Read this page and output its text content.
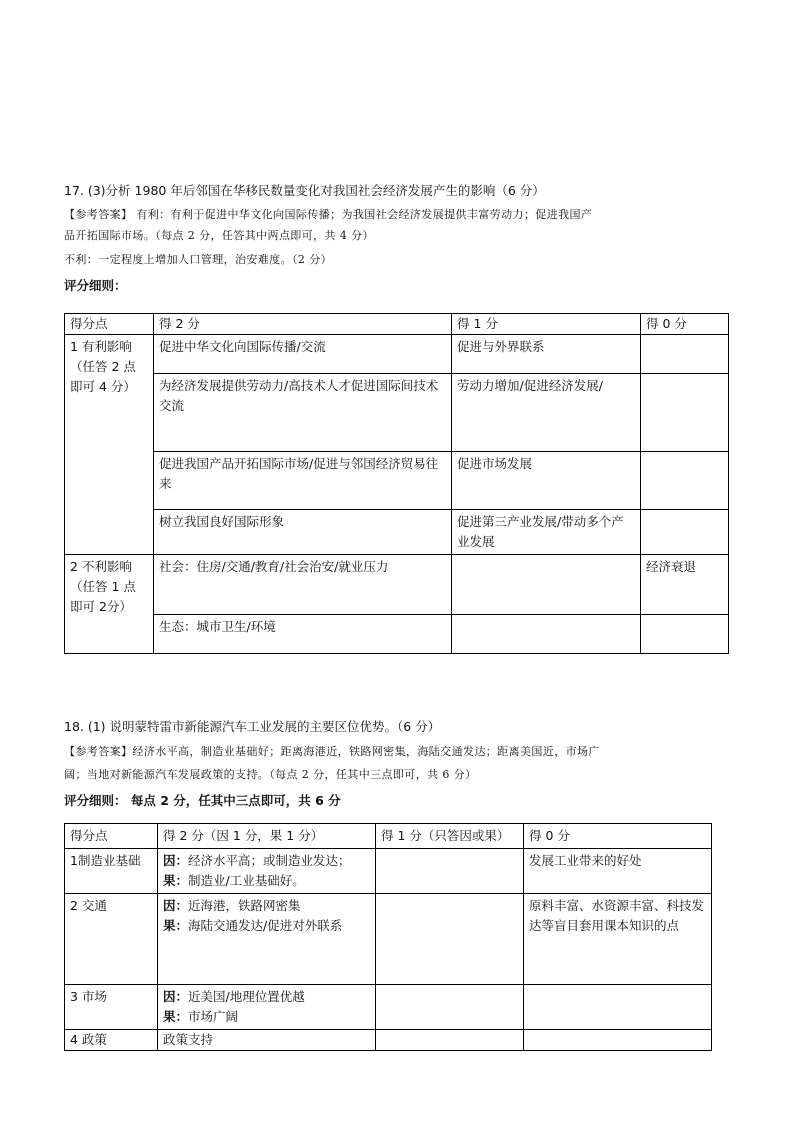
17. (3)分析 1980 年后邻国在华移民数量变化对我国社会经济发展产生的影响（6 分）
【参考答案】 有利：有利于促进中华文化向国际传播；为我国社会经济发展提供丰富劳动力；促进我国产
品开拓国际市场。（每点 2 分，任答其中两点即可，共 4 分）
不利：一定程度上增加人口管理，治安难度。（2 分）
评分细则：
得分点	得 2 分	得 1 分	得 0 分
1 有利影响（任答 2 点即可 4 分）	促进中华文化向国际传播/交流	促进与外界联系	
	为经济发展提供劳动力/高技术人才促进国际间技术交流	劳动力增加/促进经济发展/	
	促进我国产品开拓国际市场/促进与邻国经济贸易往来	促进市场发展	
	树立我国良好国际形象	促进第三产业发展/带动多个产业发展	
2 不利影响（任答 1 点即可 2分）	社会：住房/交通/教育/社会治安/就业压力		经济衰退
	生态：城市卫生/环境		
18. (1) 说明蒙特雷市新能源汽车工业发展的主要区位优势。（6 分）
【参考答案】经济水平高，制造业基础好；距离海港近，铁路网密集，海陆交通发达；距离美国近，市场广
阔；当地对新能源汽车发展政策的支持。（每点 2 分，任其中三点即可，共 6 分）
评分细则： 每点 2 分，任其中三点即可，共 6 分
得分点	得 2 分（因 1 分，果 1 分）	得 1 分（只答因或果）	得 0 分
1制造业基础	因：经济水平高；或制造业发达；
果：制造业/工业基础好。		发展工业带来的好处
2 交通	因：近海港，铁路网密集
果：海陆交通发达/促进对外联系		原料丰富、水资源丰富、科技发达等盲目套用课本知识的点
3 市场	因：近美国/地理位置优越
果：市场广阔		

4 政策	政策支持		
